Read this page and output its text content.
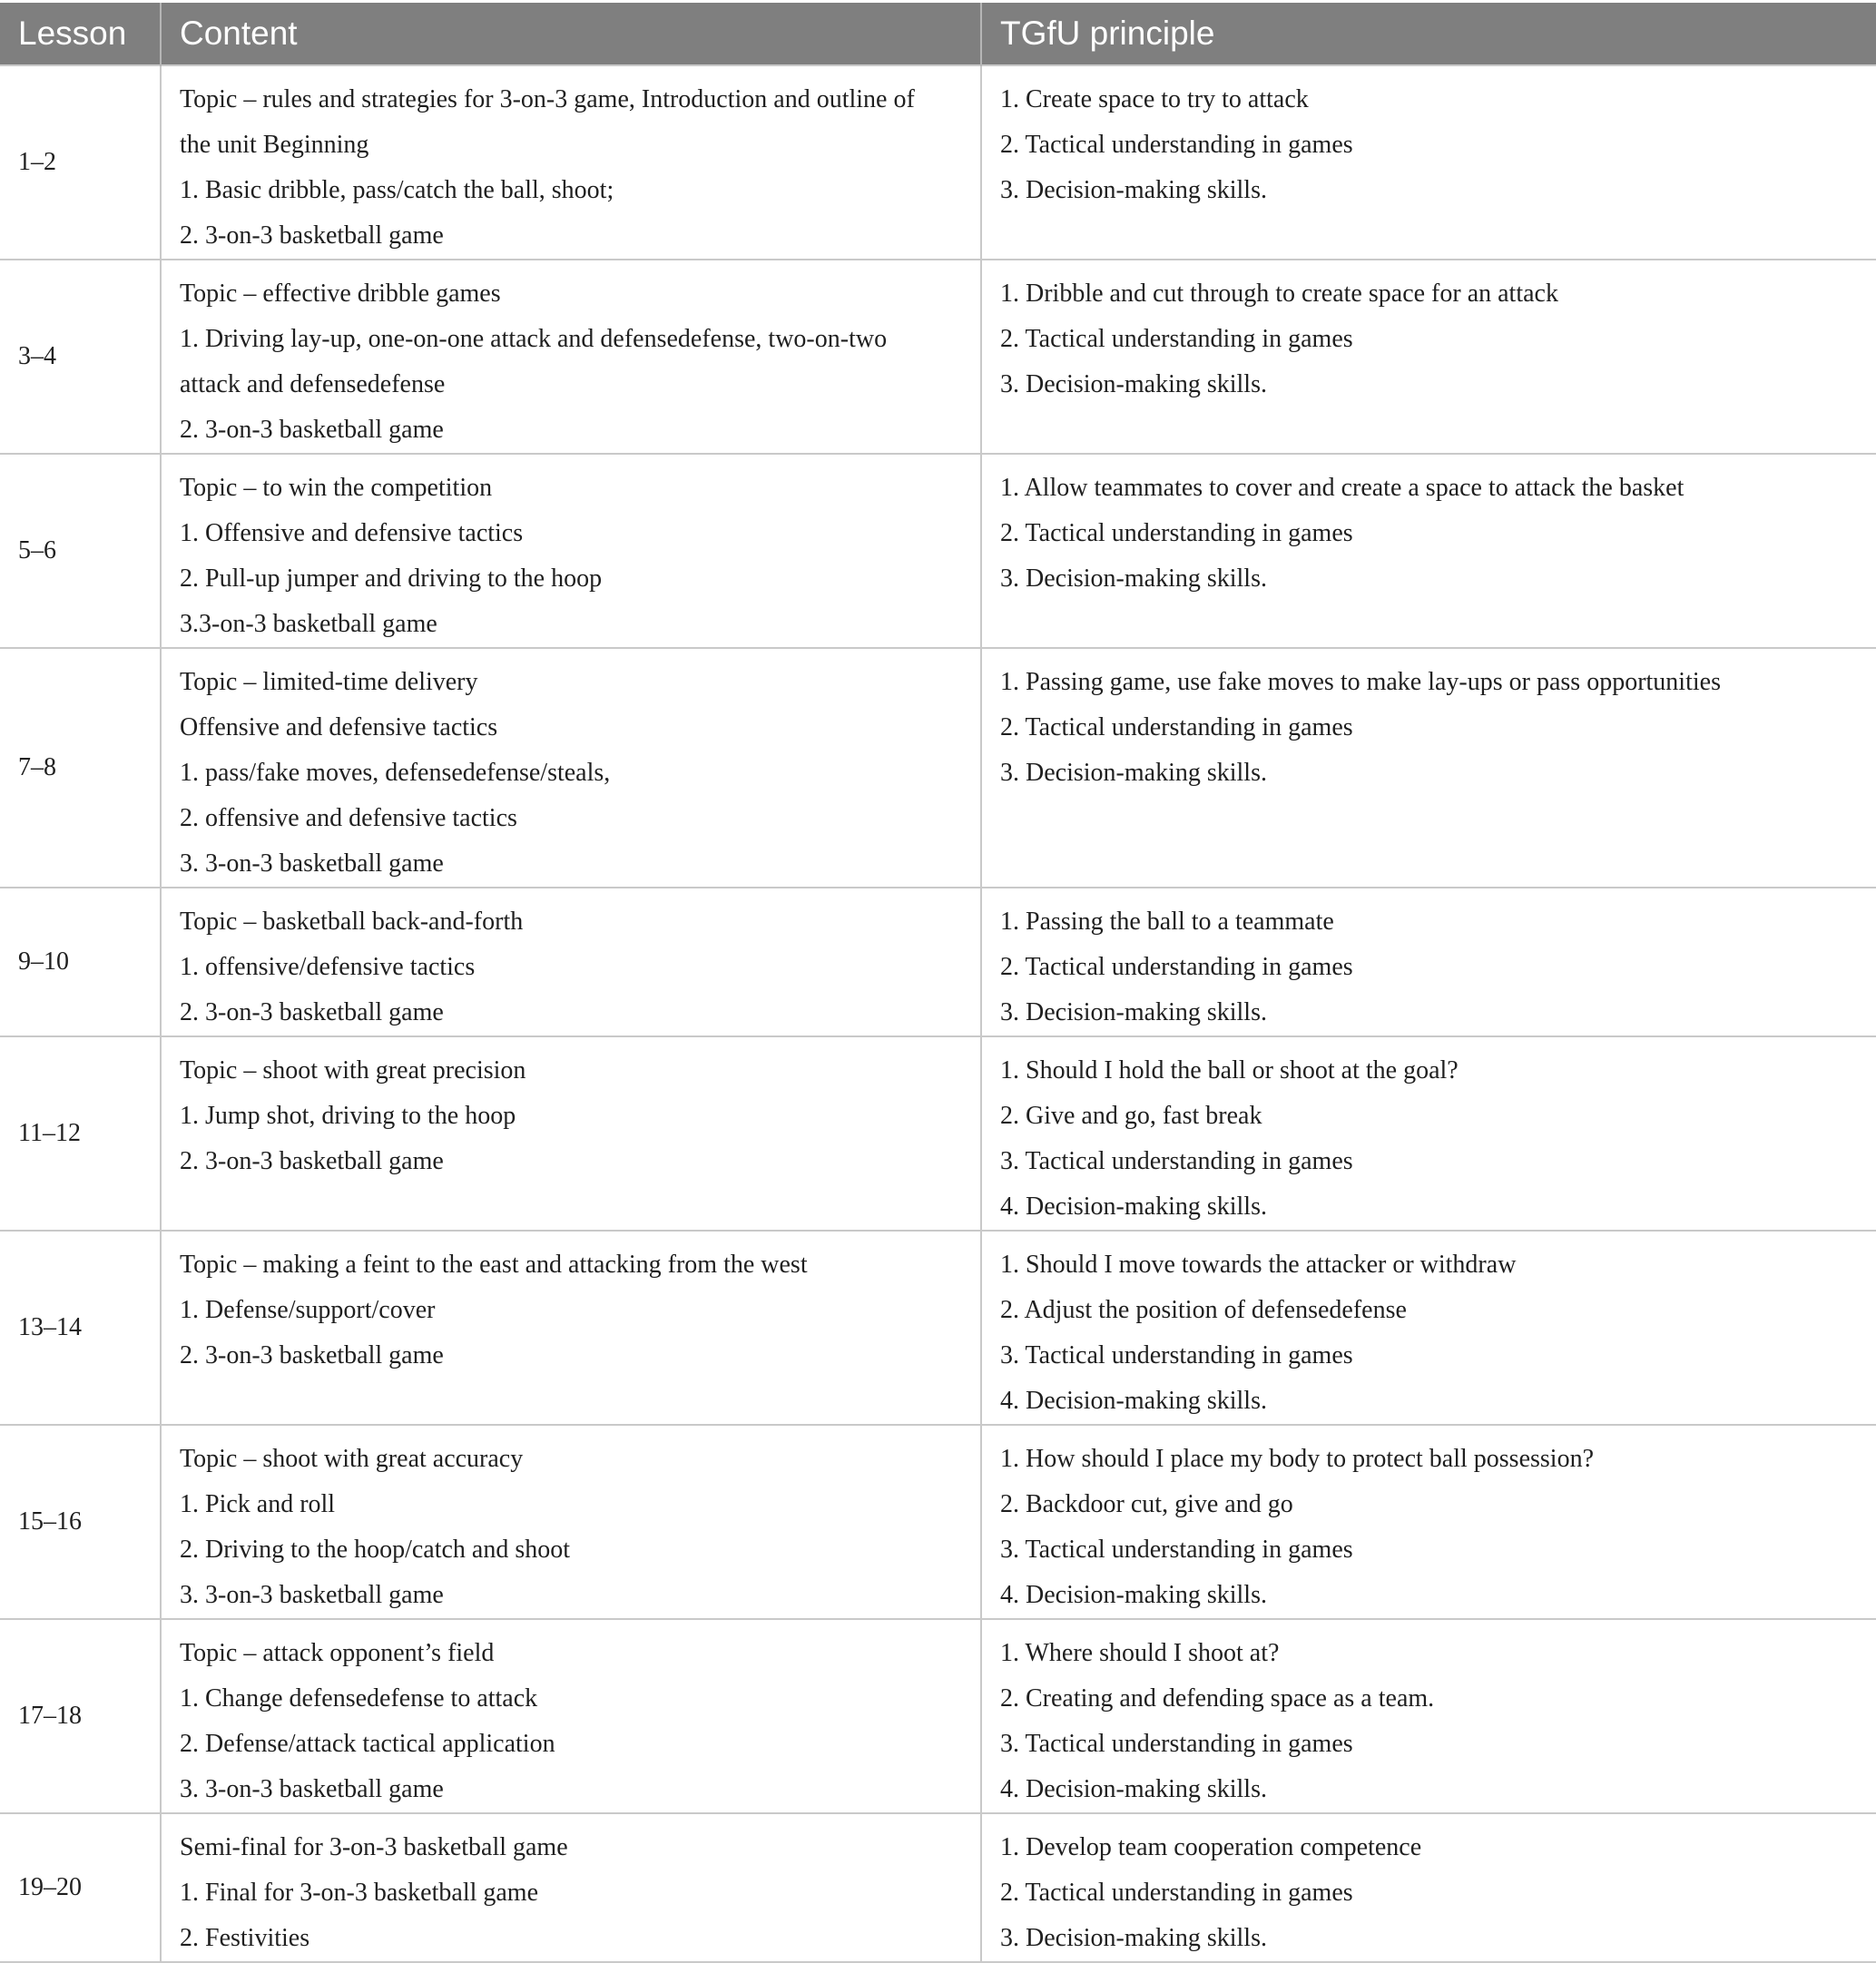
Lesson	Content	TGfU principle
1–2	Topic – rules and strategies for 3-on-3 game, Introduction and outline of
the unit Beginning
1. Basic dribble, pass/catch the ball, shoot;
2. 3-on-3 basketball game	1. Create space to try to attack
2. Tactical understanding in games
3. Decision-making skills.

3–4	Topic – effective dribble games
1. Driving lay-up, one-on-one attack and defensedefense, two-on-two
attack and defensedefense
2. 3-on-3 basketball game	1. Dribble and cut through to create space for an attack
2. Tactical understanding in games
3. Decision-making skills.

5–6	Topic – to win the competition
1. Offensive and defensive tactics
2. Pull-up jumper and driving to the hoop
3.3-on-3 basketball game	1. Allow teammates to cover and create a space to attack the basket
2. Tactical understanding in games
3. Decision-making skills.

7–8	Topic – limited-time delivery
Offensive and defensive tactics
1. pass/fake moves, defensedefense/steals,
2. offensive and defensive tactics
3. 3-on-3 basketball game	1. Passing game, use fake moves to make lay-ups or pass opportunities
2. Tactical understanding in games
3. Decision-making skills.

9–10	Topic – basketball back-and-forth
1. offensive/defensive tactics
2. 3-on-3 basketball game	1. Passing the ball to a teammate
2. Tactical understanding in games
3. Decision-making skills.

11–12	Topic – shoot with great precision
1. Jump shot, driving to the hoop
2. 3-on-3 basketball game	1. Should I hold the ball or shoot at the goal?
2. Give and go, fast break
3. Tactical understanding in games
4. Decision-making skills.

13–14	Topic – making a feint to the east and attacking from the west
1. Defense/support/cover
2. 3-on-3 basketball game	1. Should I move towards the attacker or withdraw
2. Adjust the position of defensedefense
3. Tactical understanding in games
4. Decision-making skills.

15–16	Topic – shoot with great accuracy
1. Pick and roll
2. Driving to the hoop/catch and shoot
3. 3-on-3 basketball game	1. How should I place my body to protect ball possession?
2. Backdoor cut, give and go
3. Tactical understanding in games
4. Decision-making skills.

17–18	Topic – attack opponent’s field
1. Change defensedefense to attack
2. Defense/attack tactical application
3. 3-on-3 basketball game	1. Where should I shoot at?
2. Creating and defending space as a team.
3. Tactical understanding in games
4. Decision-making skills.

19–20	Semi-final for 3-on-3 basketball game
1. Final for 3-on-3 basketball game
2. Festivities	1. Develop team cooperation competence
2. Tactical understanding in games
3. Decision-making skills.
